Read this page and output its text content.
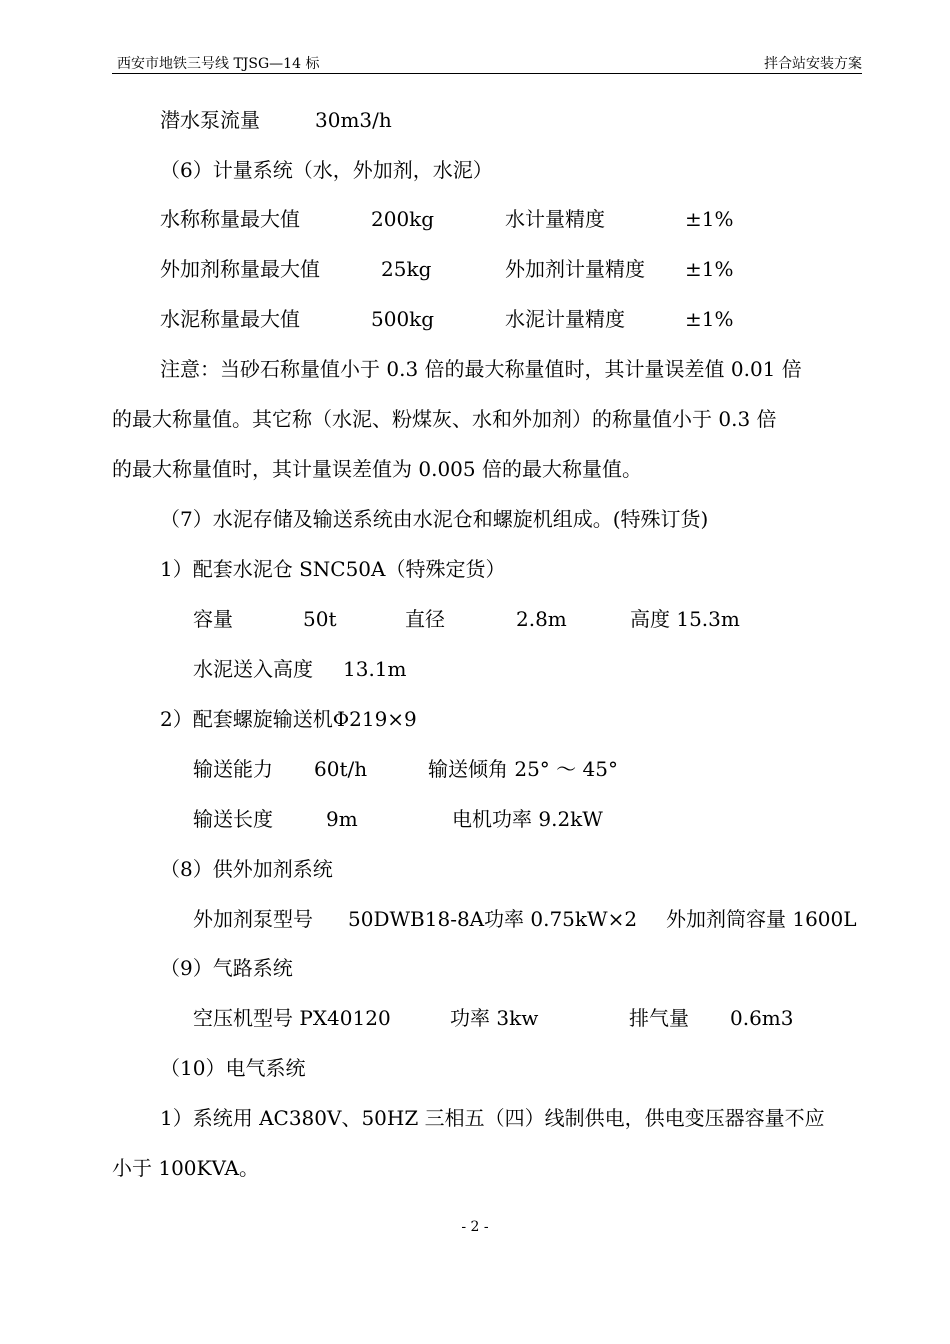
西安市地铁三号线 TJSG—14 标	拌合站安装方案
潜水泵流量	30m3/h
（6）计量系统（水，外加剂，水泥）
水称称量最大值	200kg	水计量精度	±1%
外加剂称量最大值	25kg	外加剂计量精度 ±1%
水泥称量最大值	500kg	水泥计量精度	±1%
注意：当砂石称量值小于 0.3 倍的最大称量值时，其计量误差值 0.01 倍
的最大称量值。其它称（水泥、粉煤灰、水和外加剂）的称量值小于 0.3 倍
的最大称量值时，其计量误差值为 0.005 倍的最大称量值。
（7）水泥存储及输送系统由水泥仓和螺旋机组成。(特殊订货)
1）配套水泥仓 SNC50A（特殊定货）
容量	50t	直径	2.8m	高度 15.3m
水泥送入高度 13.1m
2）配套螺旋输送机Φ219×9
输送能力 60t/h	输送倾角 25° ～ 45°
输送长度	9m	电机功率 9.2kW
（8）供外加剂系统
外加剂泵型号 50DWB18-8A 功率 0.75kW×2 外加剂筒容量 1600L
（9）气路系统
空压机型号 PX40120	功率 3kw	排气量 0.6m3
（10）电气系统
1）系统用 AC380V、50HZ 三相五（四）线制供电，供电变压器容量不应
小于 100KVA。
- 2 -
